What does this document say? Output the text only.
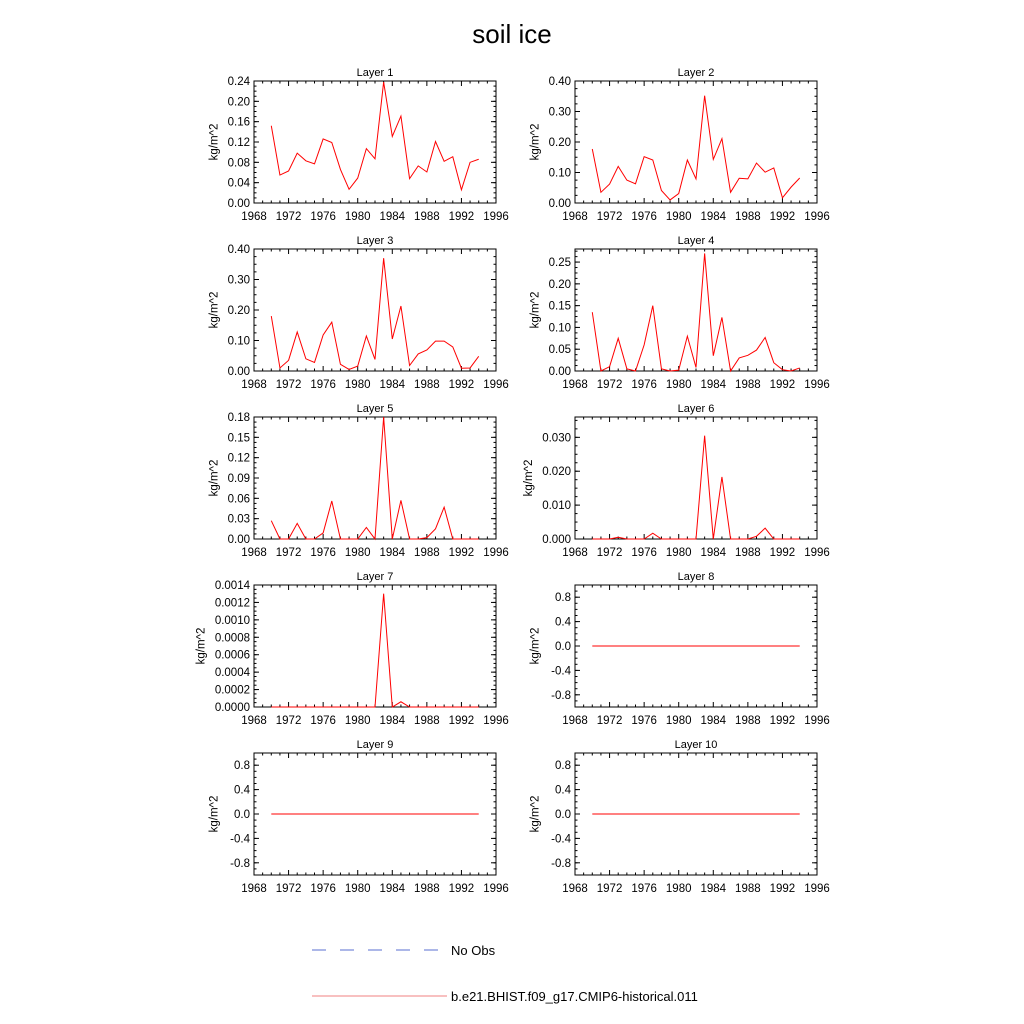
soil ice
Layer 1
1968 1972 1976 1980 1984 1988 1992 1996
0.00
0.04
0.08
0.12
0.16
0.20
0.24
kg/m^2
Layer 2
1968 1972 1976 1980 1984 1988 1992 1996
0.00
0.10
0.20
0.30
0.40
kg/m^2
Layer 3
1968 1972 1976 1980 1984 1988 1992 1996
0.00
0.10
0.20
0.30
0.40
kg/m^2
Layer 4
1968 1972 1976 1980 1984 1988 1992 1996
0.00
0.05
0.10
0.15
0.20
0.25
kg/m^2
Layer 5
1968 1972 1976 1980 1984 1988 1992 1996
0.00
0.03
0.06
0.09
0.12
0.15
0.18
kg/m^2
Layer 6
1968 1972 1976 1980 1984 1988 1992 1996
0.000
0.010
0.020
0.030
kg/m^2
Layer 7
1968 1972 1976 1980 1984 1988 1992 1996
0.0000
0.0002
0.0004
0.0006
0.0008
0.0010
0.0012
0.0014
kg/m^2
Layer 8
1968 1972 1976 1980 1984 1988 1992 1996
-0.8
-0.4
0.0
0.4
0.8
kg/m^2
Layer 9
1968 1972 1976 1980 1984 1988 1992 1996
-0.8
-0.4
0.0
0.4
0.8
kg/m^2
Layer 10
1968 1972 1976 1980 1984 1988 1992 1996
-0.8
-0.4
0.0
0.4
0.8
kg/m^2
No Obs
b.e21.BHIST.f09_g17.CMIP6-historical.011
